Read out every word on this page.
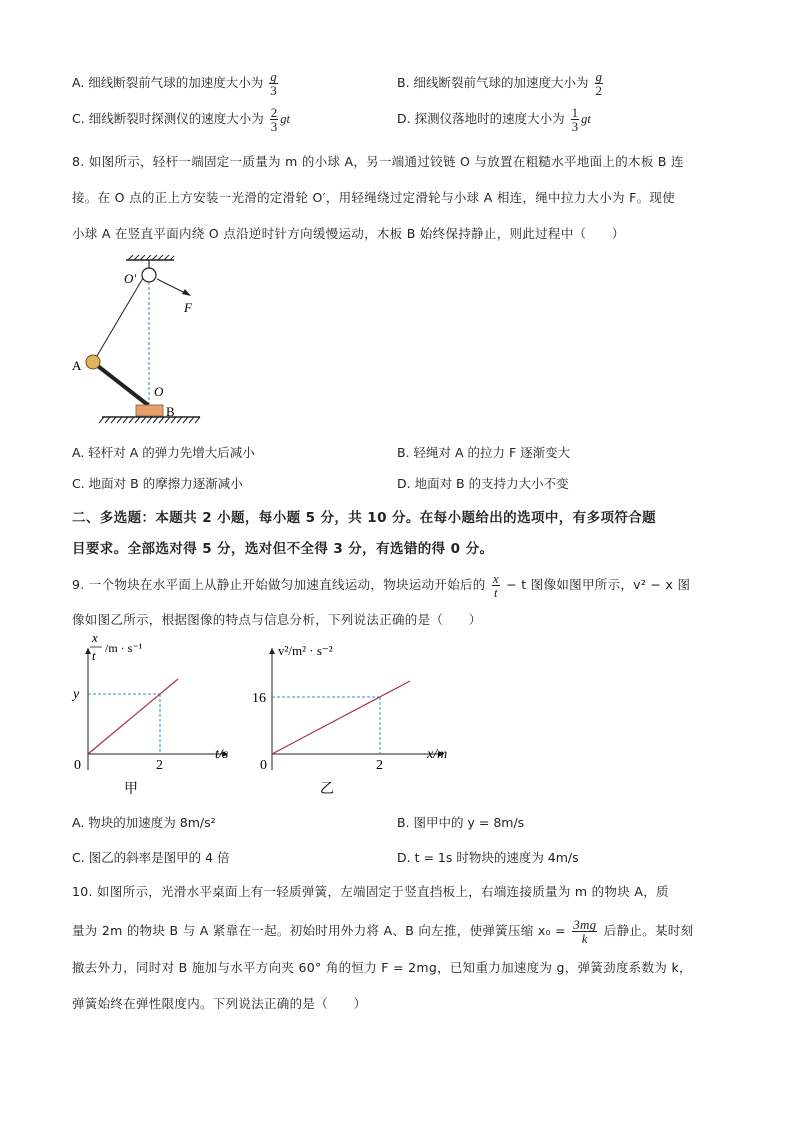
A. 细线断裂前气球的加速度大小为 $\frac{g}{3}$	B. 细线断裂前气球的加速度大小为 $\frac{g}{2}$
C. 细线断裂时探测仪的速度大小为 $\frac{2}{3}$ gt	D. 探测仪落地时的速度大小为 $\frac{1}{3}$ gt
8. 如图所示，轻杆一端固定一质量为 m 的小球 A，另一端通过铰链 O 与放置在粗糙水平地面上的木板 B 连
接。在 O 点的正上方安装一光滑的定滑轮 O′，用轻绳绕过定滑轮与小球 A 相连，绳中拉力大小为 F。现使
小球 A 在竖直平面内绕 O 点沿逆时针方向缓慢运动，木板 B 始终保持静止，则此过程中（　　）
O′
F
A
O
B
A. 轻杆对 A 的弹力先增大后减小	B. 轻绳对 A 的拉力 F 逐渐变大
C. 地面对 B 的摩擦力逐渐减小	D. 地面对 B 的支持力大小不变
二、多选题：本题共 2 小题，每小题 5 分，共 10 分。在每小题给出的选项中，有多项符合题
目要求。全部选对得 5 分，选对但不全得 3 分，有选错的得 0 分。
9. 一个物块在水平面上从静止开始做匀加速直线运动，物块运动开始后的 $\frac{x}{t} - t$ 图像如图甲所示，v² − x 图
像如图乙所示，根据图像的特点与信息分析，下列说法正确的是（　　）
x
t /m · s⁻¹
y
0	2
t/s
甲
v²/m² · s⁻²
16
0	2
x/m
乙
A. 物块的加速度为 8m/s²	B. 图甲中的 y = 8m/s
C. 图乙的斜率是图甲的 4 倍	D. t = 1s 时物块的速度为 4m/s
10. 如图所示，光滑水平桌面上有一轻质弹簧，左端固定于竖直挡板上，右端连接质量为 m 的物块 A，质
量为 2m 的物块 B 与 A 紧靠在一起。初始时用外力将 A、B 向左推，使弹簧压缩 $x_0 = \frac{3mg}{k}$ 后静止。某时刻
撤去外力，同时对 B 施加与水平方向夹 60° 角的恒力 F = 2mg，已知重力加速度为 g，弹簧劲度系数为 k，
弹簧始终在弹性限度内。下列说法正确的是（　　）
